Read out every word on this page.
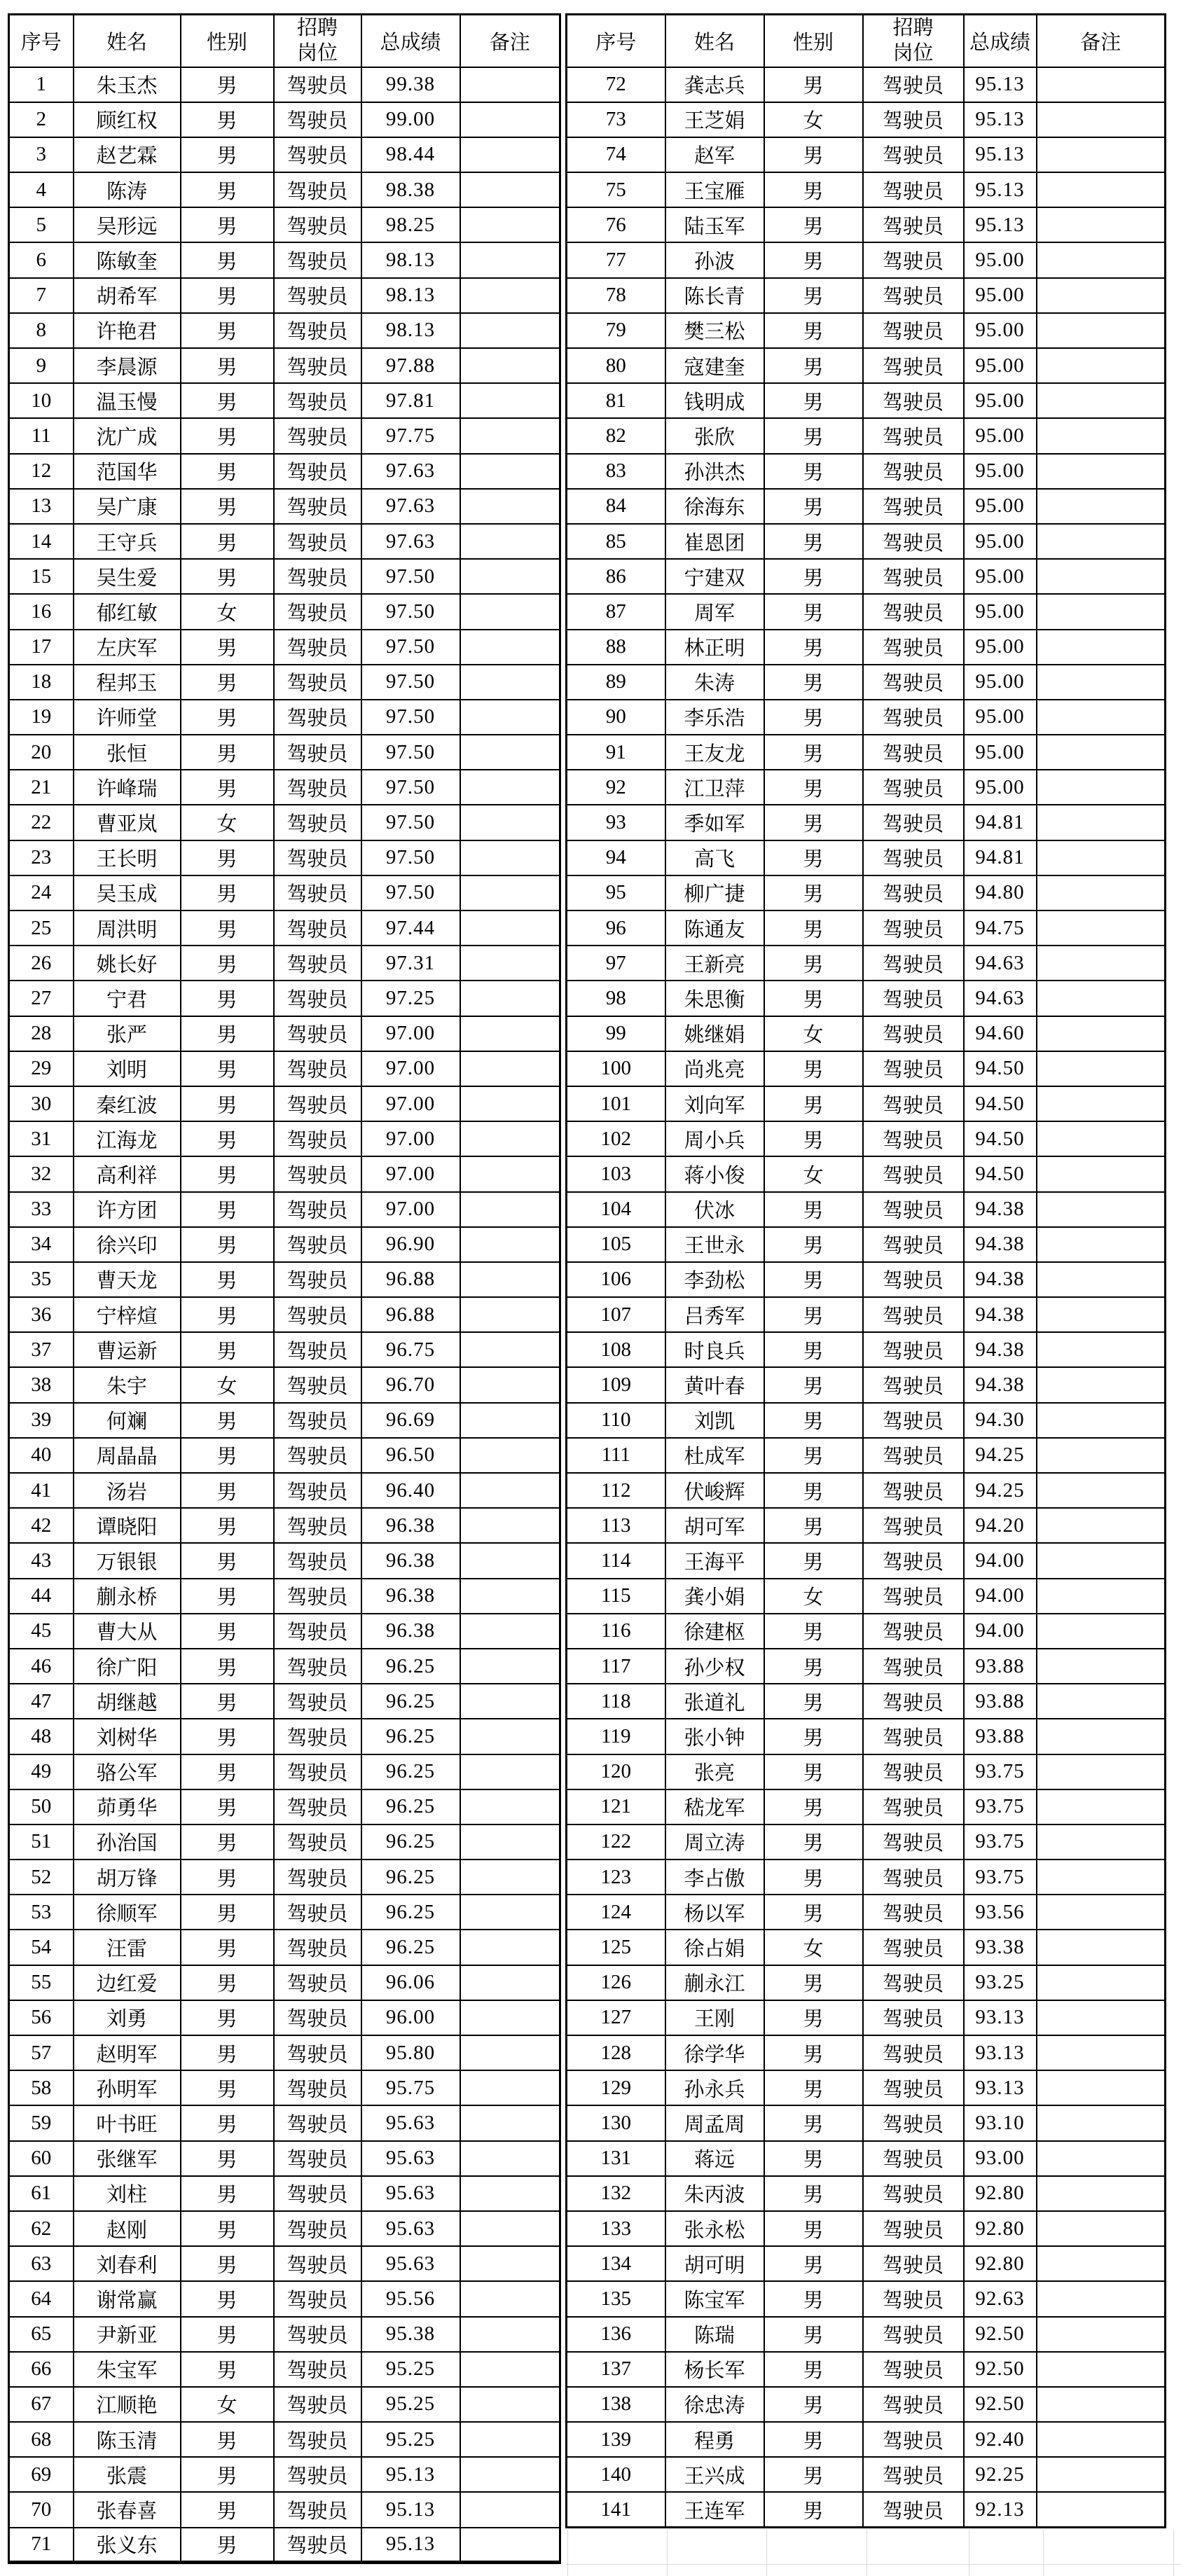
序号	姓名	性别	招聘岗位	总成绩	备注
1	朱玉杰	男	驾驶员	99.38	
2	顾红权	男	驾驶员	99.00	
3	赵艺霖	男	驾驶员	98.44	
4	陈涛	男	驾驶员	98.38	
5	吴形远	男	驾驶员	98.25	
6	陈敏奎	男	驾驶员	98.13	
7	胡希军	男	驾驶员	98.13	
8	许艳君	男	驾驶员	98.13	
9	李晨源	男	驾驶员	97.88	
10	温玉慢	男	驾驶员	97.81	
11	沈广成	男	驾驶员	97.75	
12	范国华	男	驾驶员	97.63	
13	吴广康	男	驾驶员	97.63	
14	王守兵	男	驾驶员	97.63	
15	吴生爱	男	驾驶员	97.50	
16	郁红敏	女	驾驶员	97.50	
17	左庆军	男	驾驶员	97.50	
18	程邦玉	男	驾驶员	97.50	
19	许师堂	男	驾驶员	97.50	
20	张恒	男	驾驶员	97.50	
21	许峰瑞	男	驾驶员	97.50	
22	曹亚岚	女	驾驶员	97.50	
23	王长明	男	驾驶员	97.50	
24	吴玉成	男	驾驶员	97.50	
25	周洪明	男	驾驶员	97.44	
26	姚长好	男	驾驶员	97.31	
27	宁君	男	驾驶员	97.25	
28	张严	男	驾驶员	97.00	
29	刘明	男	驾驶员	97.00	
30	秦红波	男	驾驶员	97.00	
31	江海龙	男	驾驶员	97.00	
32	高利祥	男	驾驶员	97.00	
33	许方团	男	驾驶员	97.00	
34	徐兴印	男	驾驶员	96.90	
35	曹天龙	男	驾驶员	96.88	
36	宁梓煊	男	驾驶员	96.88	
37	曹运新	男	驾驶员	96.75	
38	朱宇	女	驾驶员	96.70	
39	何斓	男	驾驶员	96.69	
40	周晶晶	男	驾驶员	96.50	
41	汤岩	男	驾驶员	96.40	
42	谭晓阳	男	驾驶员	96.38	
43	万银银	男	驾驶员	96.38	
44	蒯永桥	男	驾驶员	96.38	
45	曹大从	男	驾驶员	96.38	
46	徐广阳	男	驾驶员	96.25	
47	胡继越	男	驾驶员	96.25	
48	刘树华	男	驾驶员	96.25	
49	骆公军	男	驾驶员	96.25	
50	茆勇华	男	驾驶员	96.25	
51	孙治国	男	驾驶员	96.25	
52	胡万锋	男	驾驶员	96.25	
53	徐顺军	男	驾驶员	96.25	
54	汪雷	男	驾驶员	96.25	
55	边红爱	男	驾驶员	96.06	
56	刘勇	男	驾驶员	96.00	
57	赵明军	男	驾驶员	95.80	
58	孙明军	男	驾驶员	95.75	
59	叶书旺	男	驾驶员	95.63	
60	张继军	男	驾驶员	95.63	
61	刘柱	男	驾驶员	95.63	
62	赵刚	男	驾驶员	95.63	
63	刘春利	男	驾驶员	95.63	
64	谢常赢	男	驾驶员	95.56	
65	尹新亚	男	驾驶员	95.38	
66	朱宝军	男	驾驶员	95.25	
67	江顺艳	女	驾驶员	95.25	
68	陈玉清	男	驾驶员	95.25	
69	张震	男	驾驶员	95.13	
70	张春喜	男	驾驶员	95.13	
71	张义东	男	驾驶员	95.13	
序号	姓名	性别	招聘岗位	总成绩	备注
72	龚志兵	男	驾驶员	95.13	
73	王芝娟	女	驾驶员	95.13	
74	赵军	男	驾驶员	95.13	
75	王宝雁	男	驾驶员	95.13	
76	陆玉军	男	驾驶员	95.13	
77	孙波	男	驾驶员	95.00	
78	陈长青	男	驾驶员	95.00	
79	樊三松	男	驾驶员	95.00	
80	寇建奎	男	驾驶员	95.00	
81	钱明成	男	驾驶员	95.00	
82	张欣	男	驾驶员	95.00	
83	孙洪杰	男	驾驶员	95.00	
84	徐海东	男	驾驶员	95.00	
85	崔恩团	男	驾驶员	95.00	
86	宁建双	男	驾驶员	95.00	
87	周军	男	驾驶员	95.00	
88	林正明	男	驾驶员	95.00	
89	朱涛	男	驾驶员	95.00	
90	李乐浩	男	驾驶员	95.00	
91	王友龙	男	驾驶员	95.00	
92	江卫萍	男	驾驶员	95.00	
93	季如军	男	驾驶员	94.81	
94	高飞	男	驾驶员	94.81	
95	柳广捷	男	驾驶员	94.80	
96	陈通友	男	驾驶员	94.75	
97	王新亮	男	驾驶员	94.63	
98	朱思衡	男	驾驶员	94.63	
99	姚继娟	女	驾驶员	94.60	
100	尚兆亮	男	驾驶员	94.50	
101	刘向军	男	驾驶员	94.50	
102	周小兵	男	驾驶员	94.50	
103	蒋小俊	女	驾驶员	94.50	
104	伏冰	男	驾驶员	94.38	
105	王世永	男	驾驶员	94.38	
106	李劲松	男	驾驶员	94.38	
107	吕秀军	男	驾驶员	94.38	
108	时良兵	男	驾驶员	94.38	
109	黄叶春	男	驾驶员	94.38	
110	刘凯	男	驾驶员	94.30	
111	杜成军	男	驾驶员	94.25	
112	伏峻辉	男	驾驶员	94.25	
113	胡可军	男	驾驶员	94.20	
114	王海平	男	驾驶员	94.00	
115	龚小娟	女	驾驶员	94.00	
116	徐建枢	男	驾驶员	94.00	
117	孙少权	男	驾驶员	93.88	
118	张道礼	男	驾驶员	93.88	
119	张小钟	男	驾驶员	93.88	
120	张亮	男	驾驶员	93.75	
121	嵇龙军	男	驾驶员	93.75	
122	周立涛	男	驾驶员	93.75	
123	李占傲	男	驾驶员	93.75	
124	杨以军	男	驾驶员	93.56	
125	徐占娟	女	驾驶员	93.38	
126	蒯永江	男	驾驶员	93.25	
127	王刚	男	驾驶员	93.13	
128	徐学华	男	驾驶员	93.13	
129	孙永兵	男	驾驶员	93.13	
130	周孟周	男	驾驶员	93.10	
131	蒋远	男	驾驶员	93.00	
132	朱丙波	男	驾驶员	92.80	
133	张永松	男	驾驶员	92.80	
134	胡可明	男	驾驶员	92.80	
135	陈宝军	男	驾驶员	92.63	
136	陈瑞	男	驾驶员	92.50	
137	杨长军	男	驾驶员	92.50	
138	徐忠涛	男	驾驶员	92.50	
139	程勇	男	驾驶员	92.40	
140	王兴成	男	驾驶员	92.25	
141	王连军	男	驾驶员	92.13	
